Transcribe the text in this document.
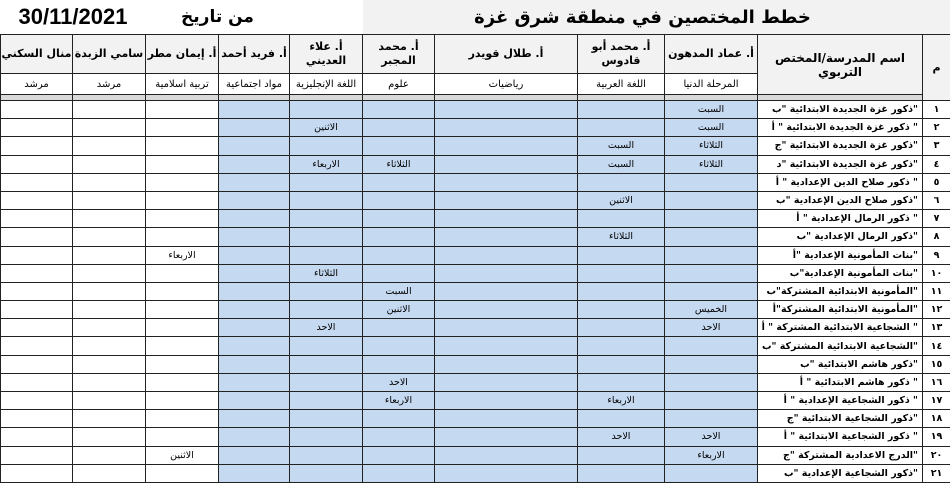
30/11/2021		من تاريخ			خطط المختصين في منطقة شرق غزة					
منال السكني	سامي الزبدة	أ. إيمان مطر	أ. فريد أحمد	أ. علاء العديني	أ. محمد المجبر	أ. طلال قويدر	أ. محمد أبو قادوس	أ. عماد المدهون	اسم المدرسة/المختص التربوي	م
مرشد	مرشد	تربية اسلامية	مواد اجتماعية	اللغة الإنجليزية	علوم	رياضيات	اللغة العربية	المرحلة الدنيا		

								السبت	ذكور غزة الجديدة الابتدائية "ب"	١
				الاثنين				السبت	ذكور غزة الجديدة الابتدائية " أ "	٢
							السبت	الثلاثاء	ذكور غزة الجديدة الابتدائية "ج"	٣
				الاربعاء	الثلاثاء		السبت	الثلاثاء	ذكور غزة الجديدة الابتدائية "د"	٤
									ذكور صلاح الدين الإعدادية " أ "	٥
							الاثنين		ذكور صلاح الدين الإعدادية "ب"	٦
									ذكور الرمال الإعدادية " أ "	٧
							الثلاثاء		ذكور الرمال الإعدادية "ب"	٨
		الاربعاء							بنات المأمونية الإعدادية "أ"	٩
				الثلاثاء					بنات المأمونية الإعدادية"ب"	١٠
					السبت				المأمونية الابتدائية المشتركة"ب"	١١
					الاثنين			الخميس	المأمونية الابتدائية المشتركة"أ"	١٢
				الاحد				الاحد	الشجاعية الابتدائية المشتركة " أ "	١٣
									الشجاعية الابتدائية المشتركة "ب"	١٤
									ذكور هاشم الابتدائية "ب"	١٥
					الاحد				ذكور هاشم الابتدائية " أ "	١٦
					الاربعاء		الاربعاء		ذكور الشجاعية الإعدادية " أ "	١٧
									ذكور الشجاعية الابتدائية "ج"	١٨
							الاحد	الاحد	ذكور الشجاعية الابتدائية " أ "	١٩
		الاثنين						الاربعاء	الدرج الاعدادية المشتركة "ج"	٢٠
									ذكور الشجاعية الإعدادية "ب"	٢١
